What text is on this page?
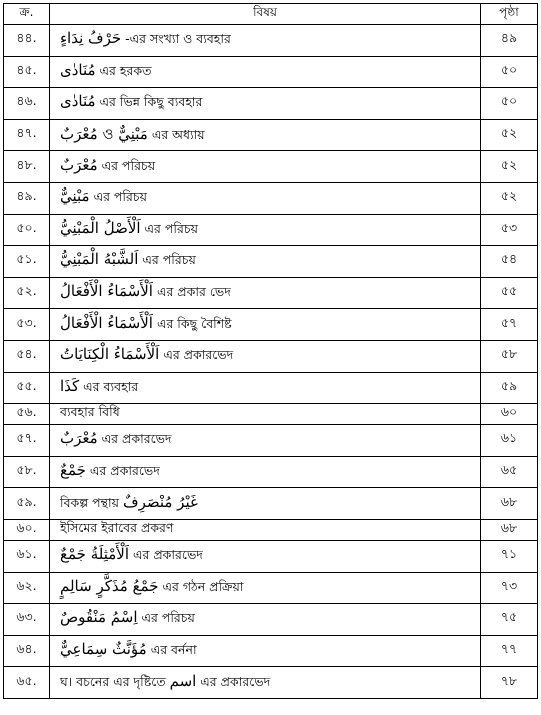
ক্র.	বিষয়	পৃষ্ঠা
৪৪.	حَرْفُ نِدَاءٍ -এর সংখ্যা ও ব্যবহার	৪৯
৪৫.	مُنَادٰى এর হরকত	৫০
৪৬.	مُنَادٰى এর ভিন্ন কিছু ব্যবহার	৫০
৪৭.	مَبْنِيٌّ ও مُعْرَبٌ এর অধ্যায়	৫২
৪৮.	مُعْرَبٌ এর পরিচয়	৫২
৪৯.	مَبْنِيٌّ এর পরিচয়	৫২
৫০.	اَلْأَصْلُ الْمَبْنِيُّ এর পরিচয়	৫৩
৫১.	اَلشَّبْهُ الْمَبْنِيُّ এর পরিচয়	৫৪
৫২.	اَلْأَسْمَاءُ الْأَفْعَالُ এর প্রকার ভেদ	৫৫
৫৩.	اَلْأَسْمَاءُ الْأَفْعَالُ এর কিছু বৈশিষ্ট	৫৭
৫৪.	اَلْأَسْمَاءُ الْكِنَايَاتُ এর প্রকারভেদ	৫৮
৫৫.	كَذَا এর ব্যবহার	৫৯
৫৬.	ব্যবহার বিধি	৬০
৫৭.	مُعْرَبٌ এর প্রকারভেদ	৬১
৫৮.	جَمْعٌ এর প্রকারভেদ	৬৫
৫৯.	বিকল্প পন্থায় غَيْرُ مُنْصَرِفٌ	৬৮
৬০.	ইসিমের ইরাবের প্রকরণ	৬৮
৬১.	اَلْأَمْثِلَةُ جَمْعٌ এর প্রকারভেদ	৭১
৬২.	جَمْعُ مُذَكَّرٍ سَالِمٍ এর গঠন প্রক্রিয়া	৭৩
৬৩.	اِسْمُ مَنْقُوصٌ এর পরিচয়	৭৫
৬৪.	مُؤَنَّثٌ سِمَاعِيٌّ এর বর্ননা	৭৭
৬৫.	ঘ। বচনের এর দৃষ্টিতে اسم এর প্রকারভেদ	৭৮
